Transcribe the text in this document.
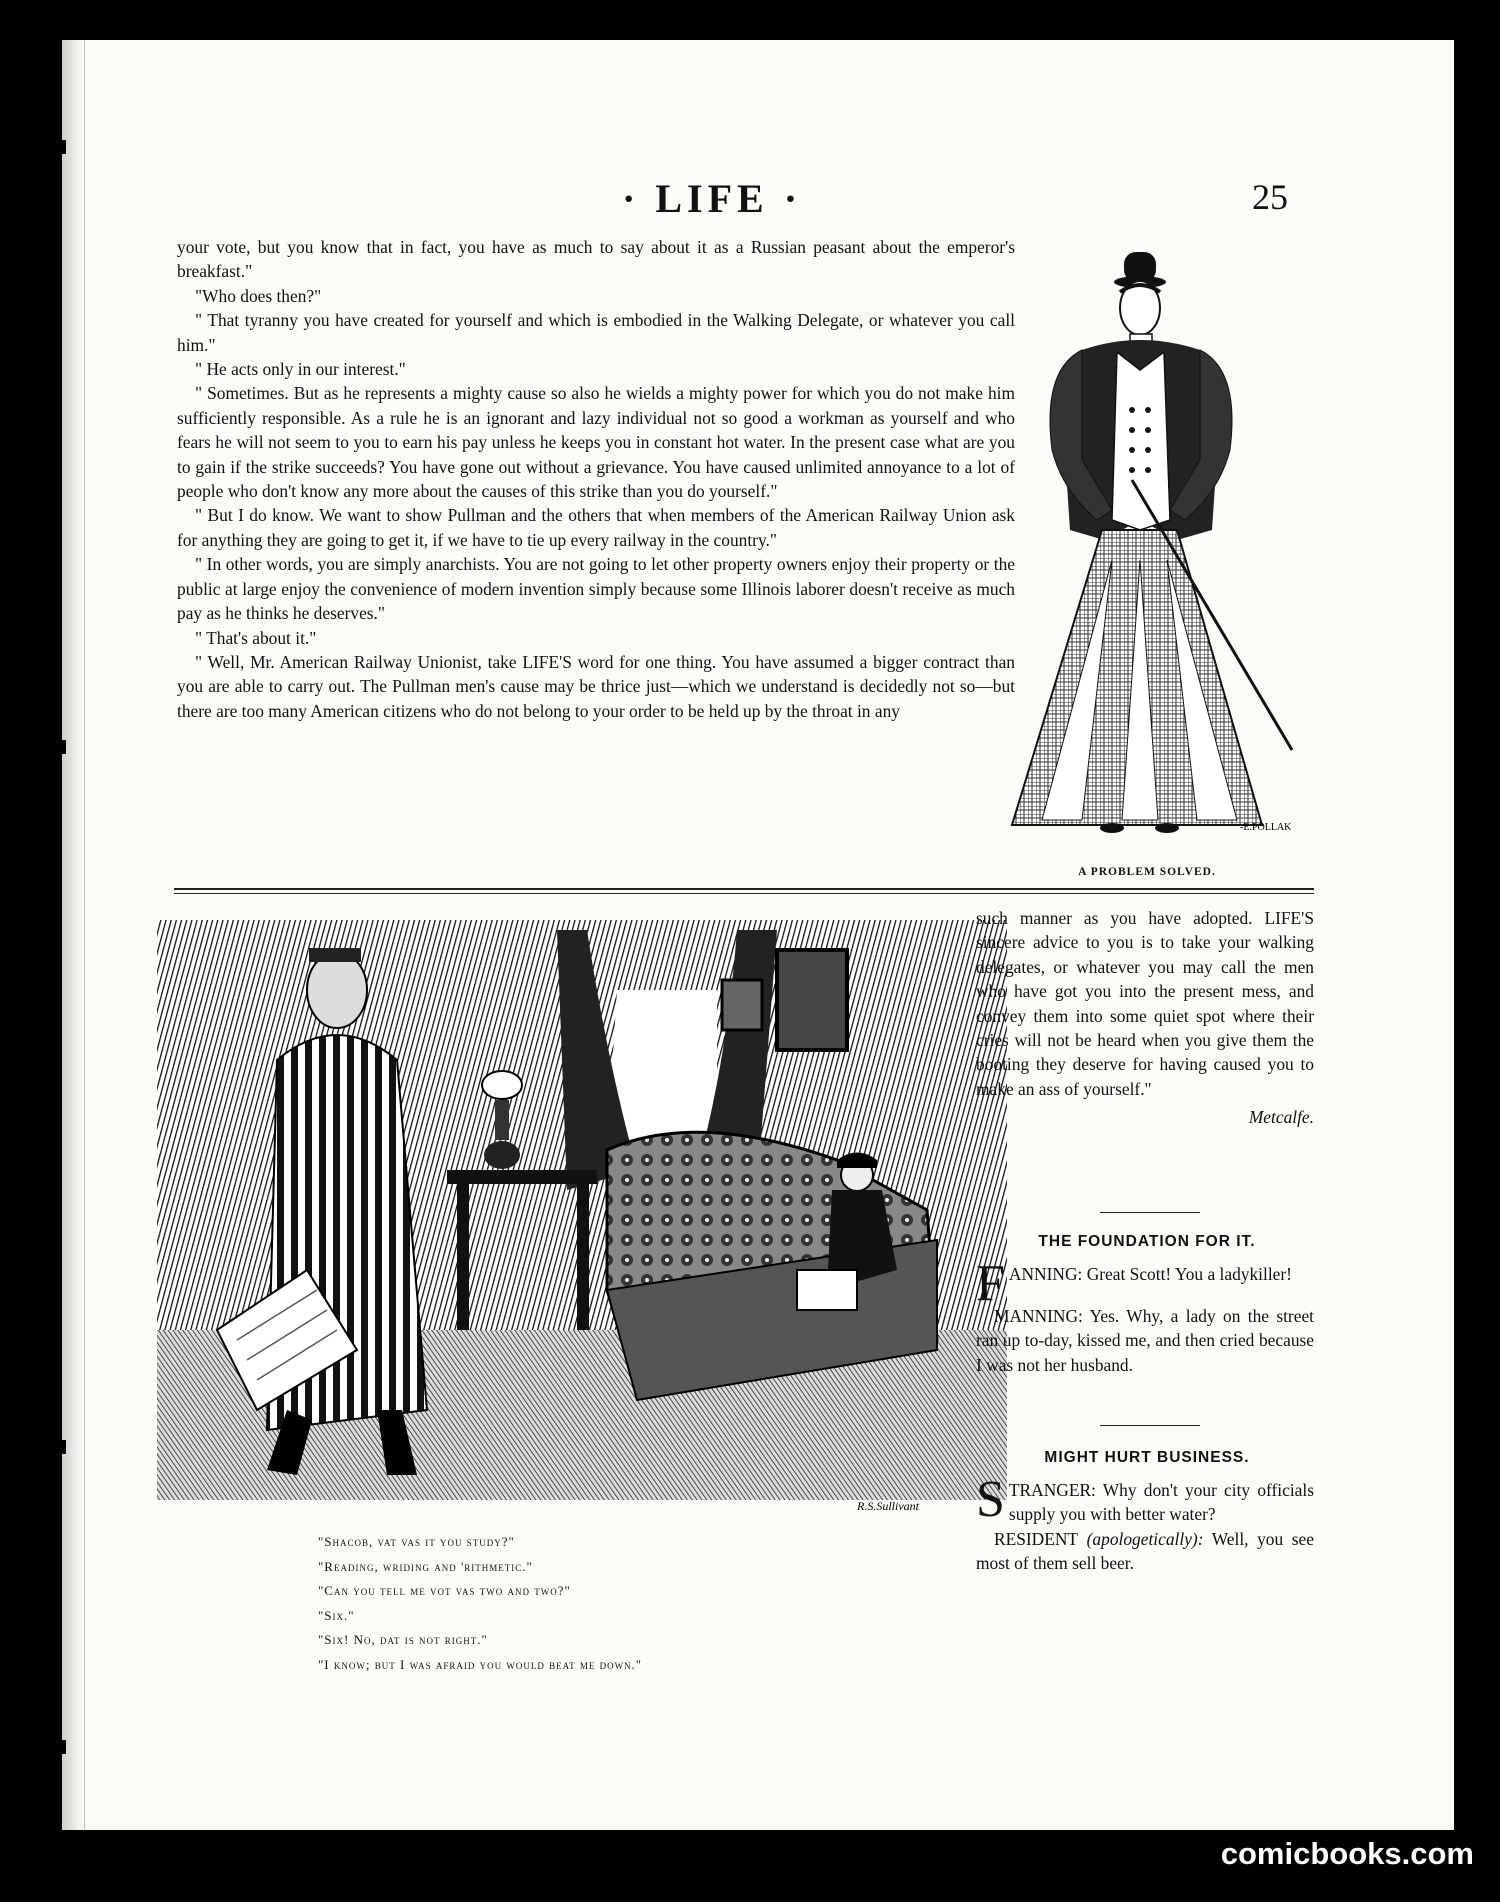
· LIFE ·	25

your vote, but you know that in fact, you have as much to say about it as a Russian peasant about the emperor's breakfast."

"Who does then?"

" That tyranny you have created for yourself and which is embodied in the Walking Delegate, or whatever you call him."

" He acts only in our interest."

" Sometimes. But as he represents a mighty cause so also he wields a mighty power for which you do not make him sufficiently responsible. As a rule he is an ignorant and lazy individual not so good a workman as yourself and who fears he will not seem to you to earn his pay unless he keeps you in constant hot water. In the present case what are you to gain if the strike succeeds? You have gone out without a grievance. You have caused unlimited annoyance to a lot of people who don't know any more about the causes of this strike than you do yourself."

" But I do know. We want to show Pullman and the others that when members of the American Railway Union ask for anything they are going to get it, if we have to tie up every railway in the country."

" In other words, you are simply anarchists. You are not going to let other property owners enjoy their property or the public at large enjoy the convenience of modern invention simply because some Illinois laborer doesn't receive as much pay as he thinks he deserves."

" That's about it."

" Well, Mr. American Railway Unionist, take LIFE'S word for one thing. You have assumed a bigger contract than you are able to carry out. The Pullman men's cause may be thrice just—which we understand is decidedly not so—but there are too many American citizens who do not belong to your order to be held up by the throat in any

-E.POLLAK
A PROBLEM SOLVED.
R.S.Sullivant
"Shacob, vat vas it you study?"
"Reading, wriding and 'rithmetic."
"Can you tell me vot vas two and two?"
"Six."
"Six! No, dat is not right."
"I know; but I was afraid you would beat me down."

such manner as you have adopted. LIFE'S sincere advice to you is to take your walking delegates, or whatever you may call the men who have got you into the present mess, and convey them into some quiet spot where their cries will not be heard when you give them the booting they deserve for having caused you to make an ass of yourself."

Metcalfe.

THE FOUNDATION FOR IT.

FANNING: Great Scott! You a ladykiller!

MANNING: Yes. Why, a lady on the street ran up to-day, kissed me, and then cried because I was not her husband.

MIGHT HURT BUSINESS.

STRANGER: Why don't your city officials supply you with better water?

RESIDENT (apologetically): Well, you see most of them sell beer.

comicbooks.com
